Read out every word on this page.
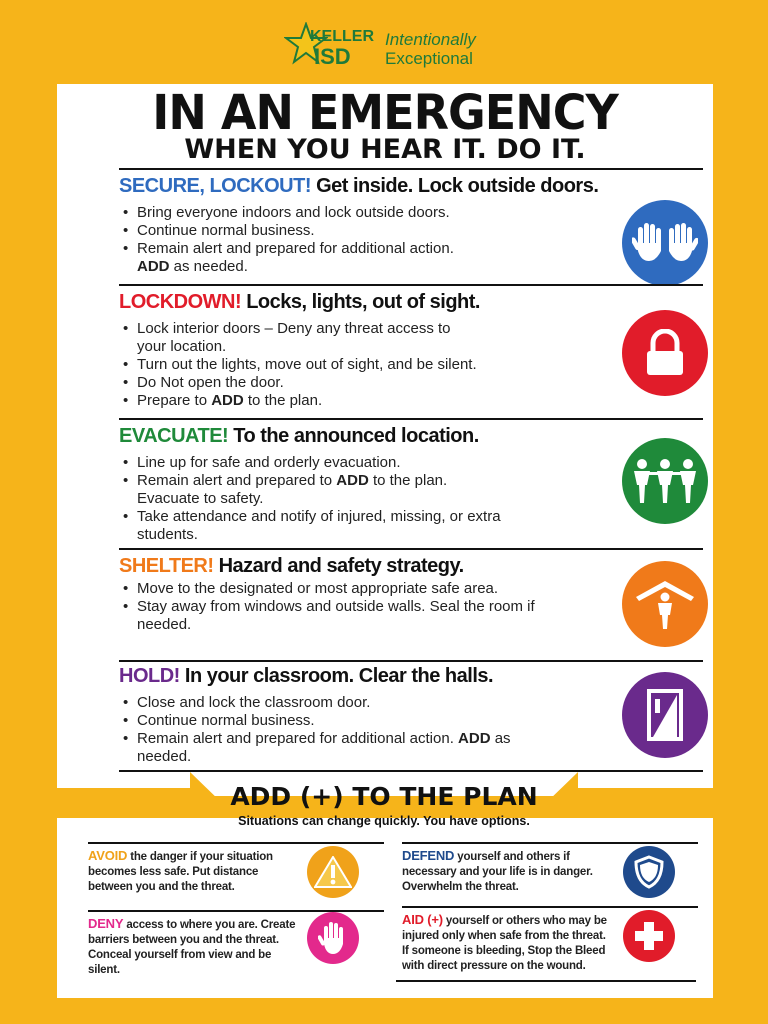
KELLER
ISD
Intentionally
Exceptional
IN AN EMERGENCY
WHEN YOU HEAR IT. DO IT.
SECURE, LOCKOUT! Get inside. Lock outside doors.
• Bring everyone indoors and lock outside doors.
• Continue normal business.
• Remain alert and prepared for additional action.
ADD as needed.
LOCKDOWN! Locks, lights, out of sight.
• Lock interior doors – Deny any threat access to your location.
• Turn out the lights, move out of sight, and be silent.
• Do Not open the door.
• Prepare to ADD to the plan.
EVACUATE! To the announced location.
• Line up for safe and orderly evacuation.
• Remain alert and prepared to ADD to the plan. Evacuate to safety.
• Take attendance and notify of injured, missing, or extra students.
SHELTER! Hazard and safety strategy.
• Move to the designated or most appropriate safe area.
• Stay away from windows and outside walls. Seal the room if needed.
HOLD! In your classroom. Clear the halls.
• Close and lock the classroom door.
• Continue normal business.
• Remain alert and prepared for additional action. ADD as needed.
ADD (+) TO THE PLAN
Situations can change quickly. You have options.
AVOID the danger if your situation becomes less safe. Put distance between you and the threat.
DENY access to where you are. Create barriers between you and the threat. Conceal yourself from view and be silent.
DEFEND yourself and others if necessary and your life is in danger. Overwhelm the threat.
AID (+) yourself or others who may be injured only when safe from the threat. If someone is bleeding, Stop the Bleed with direct pressure on the wound.
